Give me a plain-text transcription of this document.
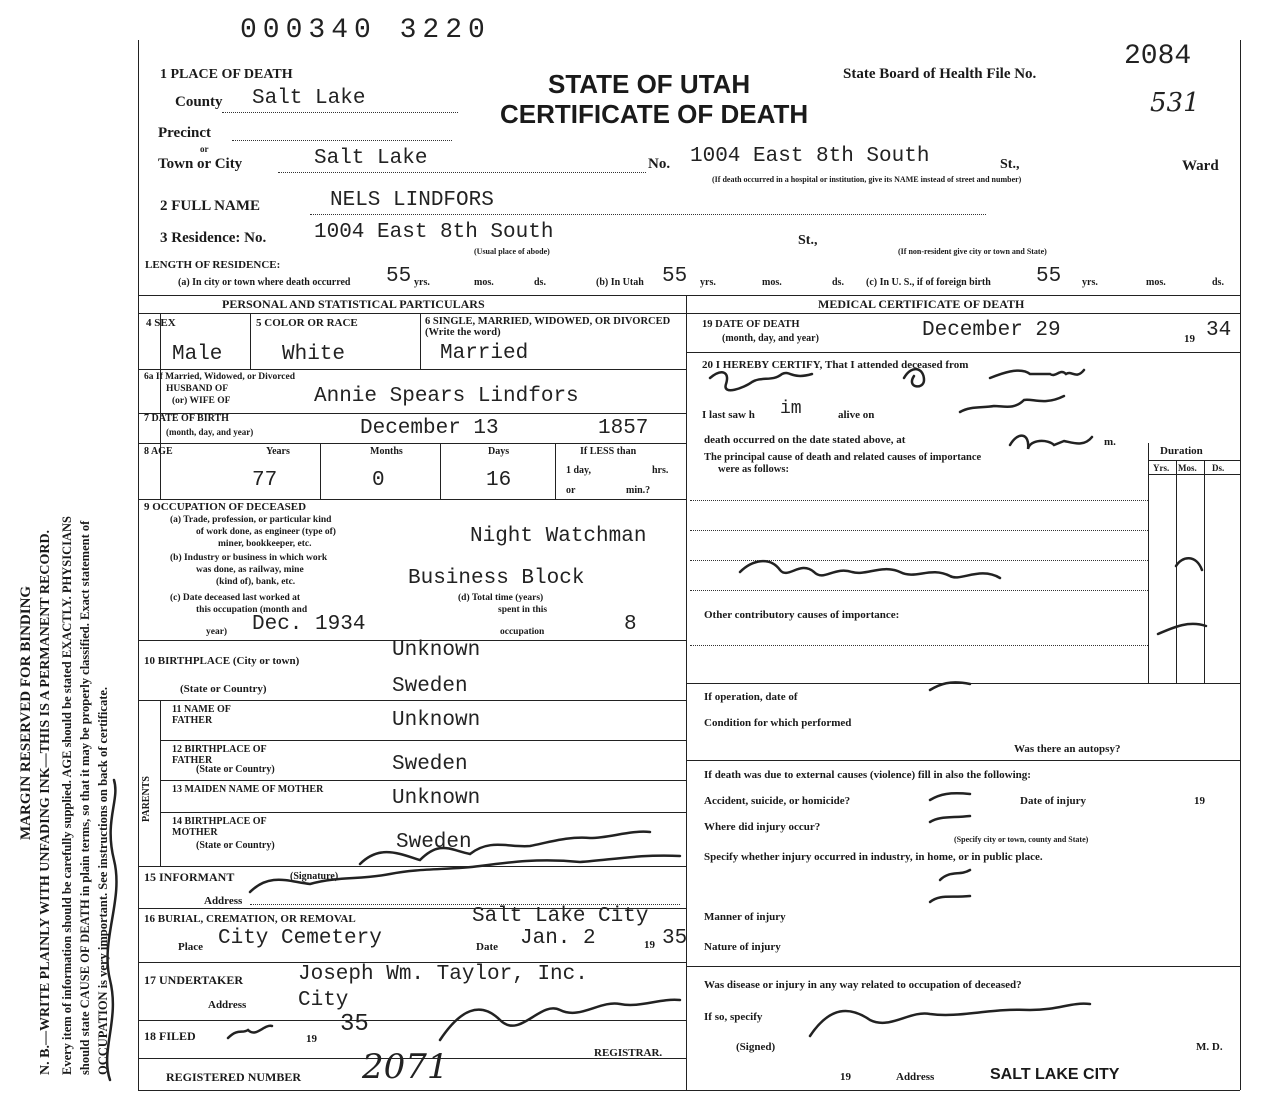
MARGIN RESERVED FOR BINDING N. B.—WRITE PLAINLY WITH UNFADING INK—THIS IS A PERMANENT RECORD. Every item of information should be carefully supplied. AGE should be stated EXACTLY. PHYSICIANS should state CAUSE OF DEATH in plain terms, so that it may be properly classified. Exact statement of OCCUPATION is very important. See instructions on back of certificate.
000340 3220
1 PLACE OF DEATH	STATE OF UTAH
CERTIFICATE OF DEATH
State Board of Health File No.
2084
531
County Salt Lake
Precinct
or
Town or City	Salt Lake	No. 1004 East 8th South	St.,	Ward
(If death occurred in a hospital or institution, give its NAME instead of street and number)
2 FULL NAME	NELS LINDFORS
3 Residence: No. 1004 East 8th South	St.,
(Usual place of abode)	(If non-resident give city or town and State)
LENGTH OF RESIDENCE:
(a) In city or town where death occurred 55 yrs.	mos.	ds.	(b) In Utah 55 yrs.	mos.	ds. (c) In U. S., if of foreign birth 55 yrs.	mos.	ds.
PERSONAL AND STATISTICAL PARTICULARS	MEDICAL CERTIFICATE OF DEATH
4 SEX
Male
5 COLOR OR RACE
White
6 SINGLE, MARRIED, WIDOWED, OR DIVORCED (Write the word)
Married
6a If Married, Widowed, or Divorced
HUSBAND OF
(or) WIFE OF	Annie Spears Lindfors
7 DATE OF BIRTH
(month, day, and year)	December 13	1857
8 AGE	Years	Months	Days
77	0	16
If LESS than
1 day,	hrs.
or	min.?
9 OCCUPATION OF DECEASED
(a) Trade, profession, or particular kind
of work done, as engineer (type of)
miner, bookkeeper, etc.	Night Watchman
(b) Industry or business in which work
was done, as railway, mine
(kind of), bank, etc.	Business Block
(c) Date deceased last worked at
this occupation (month and
year) Dec. 1934
(d) Total time (years)
spent in this
occupation	8
10 BIRTHPLACE (City or town)	Unknown
(State or Country)	Sweden
PARENTS
11 NAME OF FATHER	Unknown
12 BIRTHPLACE OF FATHER
(State or Country)	Sweden
13 MAIDEN NAME OF MOTHER	Unknown
14 BIRTHPLACE OF MOTHER
(State or Country)	Sweden
15 INFORMANT	(Signature)
Address
16 BURIAL, CREMATION, OR REMOVAL	Salt Lake City
Place City Cemetery	Date Jan. 2	19 35
17 UNDERTAKER	Joseph Wm. Taylor, Inc.
Address City
18 FILED	19
35
REGISTRAR.
REGISTERED NUMBER 2071
19 DATE OF DEATH
(month, day, and year)	December 29	19 34
20 I HEREBY CERTIFY, That I attended deceased from
I last saw h im	alive on
death occurred on the date stated above, at	m.
The principal cause of death and related causes of importance
were as follows:
Duration
Yrs. Mos. Ds.
Other contributory causes of importance:
If operation, date of
Condition for which performed
Was there an autopsy?
If death was due to external causes (violence) fill in also the following:
Accident, suicide, or homicide?	Date of injury	19
Where did injury occur?
(Specify city or town, county and State)
Specify whether injury occurred in industry, in home, or in public place.
Manner of injury
Nature of injury
Was disease or injury in any way related to occupation of deceased?
If so, specify
(Signed)	M. D.
19	Address	SALT LAKE CITY
